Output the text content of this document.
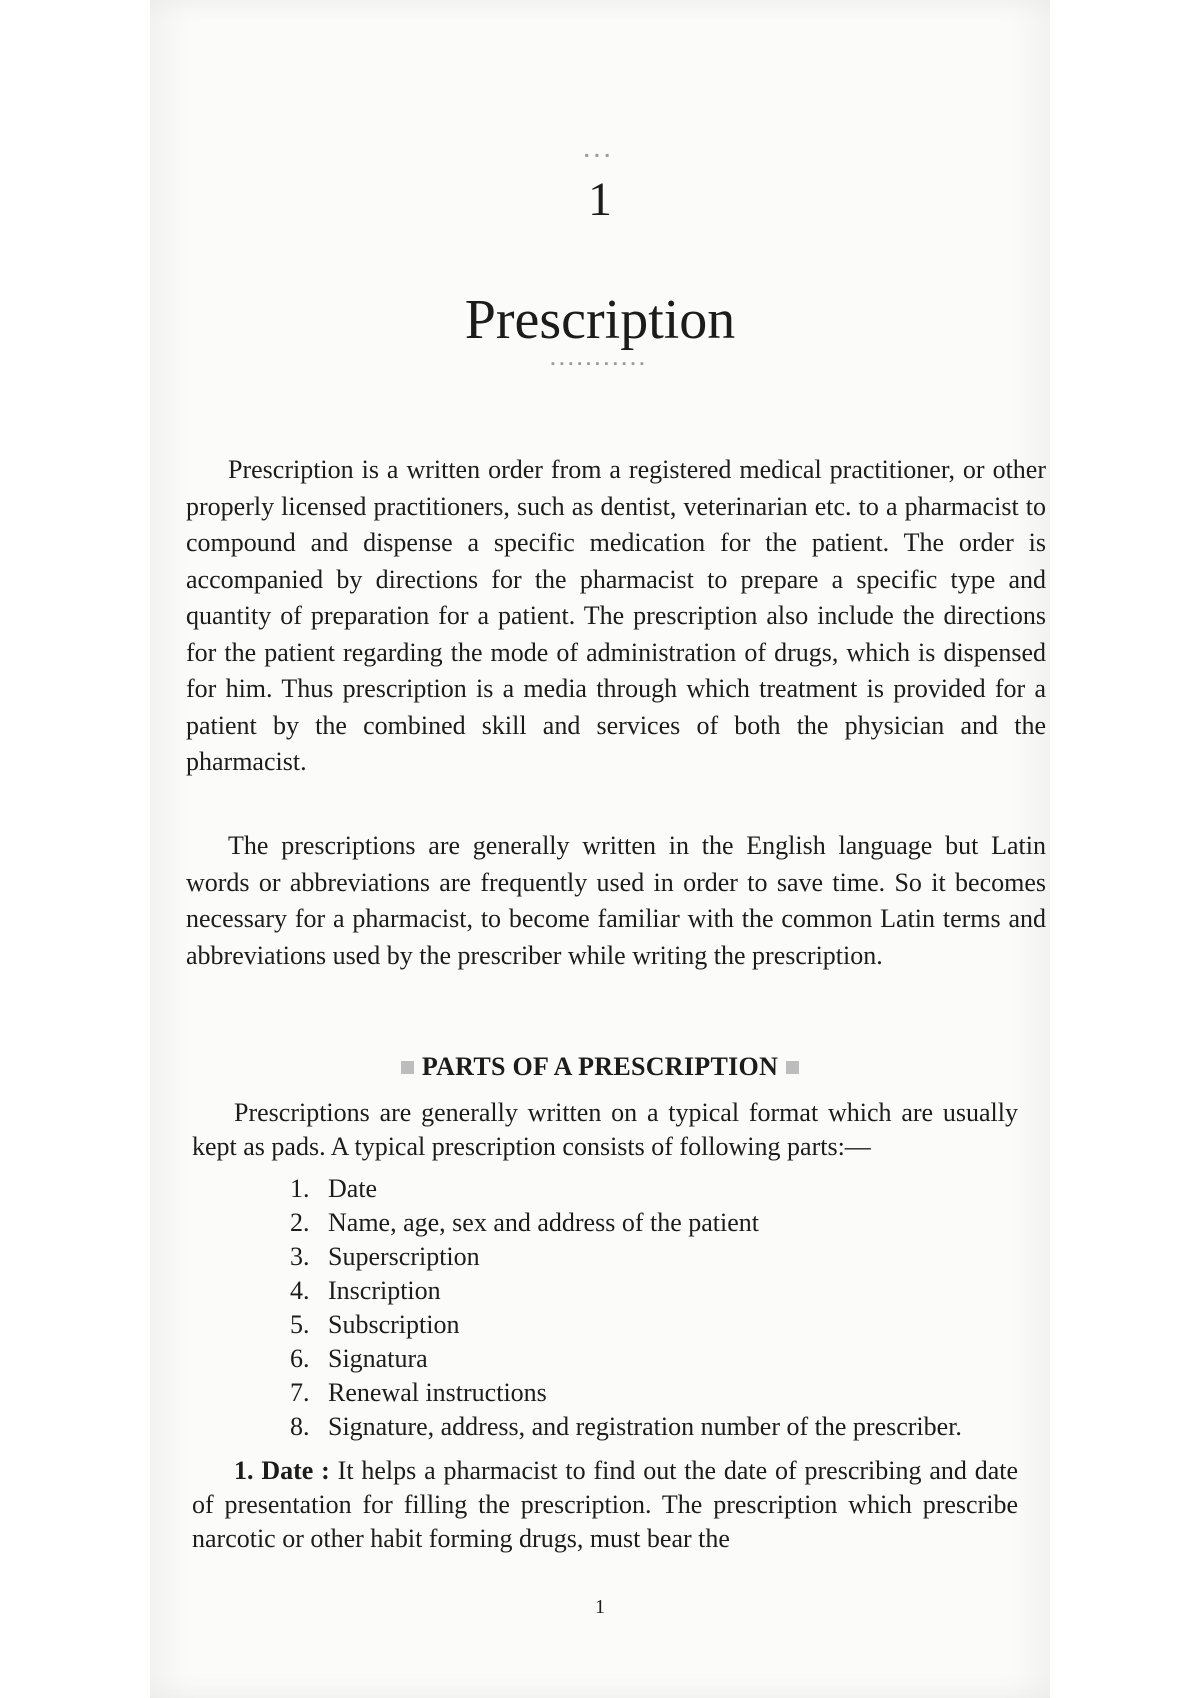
▪▪▪
1
Prescription
▪▪▪▪▪▪▪▪▪▪▪

Prescription is a written order from a registered medical practitioner, or other properly licensed practitioners, such as dentist, veterinarian etc. to a pharmacist to compound and dispense a specific medication for the patient. The order is accompanied by directions for the pharmacist to prepare a specific type and quantity of preparation for a patient. The prescription also include the directions for the patient regarding the mode of administration of drugs, which is dispensed for him. Thus prescription is a media through which treatment is provided for a patient by the combined skill and services of both the physician and the pharmacist.

The prescriptions are generally written in the English language but Latin words or abbreviations are frequently used in order to save time. So it becomes necessary for a pharmacist, to become familiar with the common Latin terms and abbreviations used by the prescriber while writing the prescription.

PARTS OF A PRESCRIPTION

Prescriptions are generally written on a typical format which are usually kept as pads. A typical prescription consists of following parts:—

1. Date
2. Name, age, sex and address of the patient
3. Superscription
4. Inscription
5. Subscription
6. Signatura
7. Renewal instructions
8. Signature, address, and registration number of the prescriber.

1. Date : It helps a pharmacist to find out the date of prescribing and date of presentation for filling the prescription. The prescription which prescribe narcotic or other habit forming drugs, must bear the

1
